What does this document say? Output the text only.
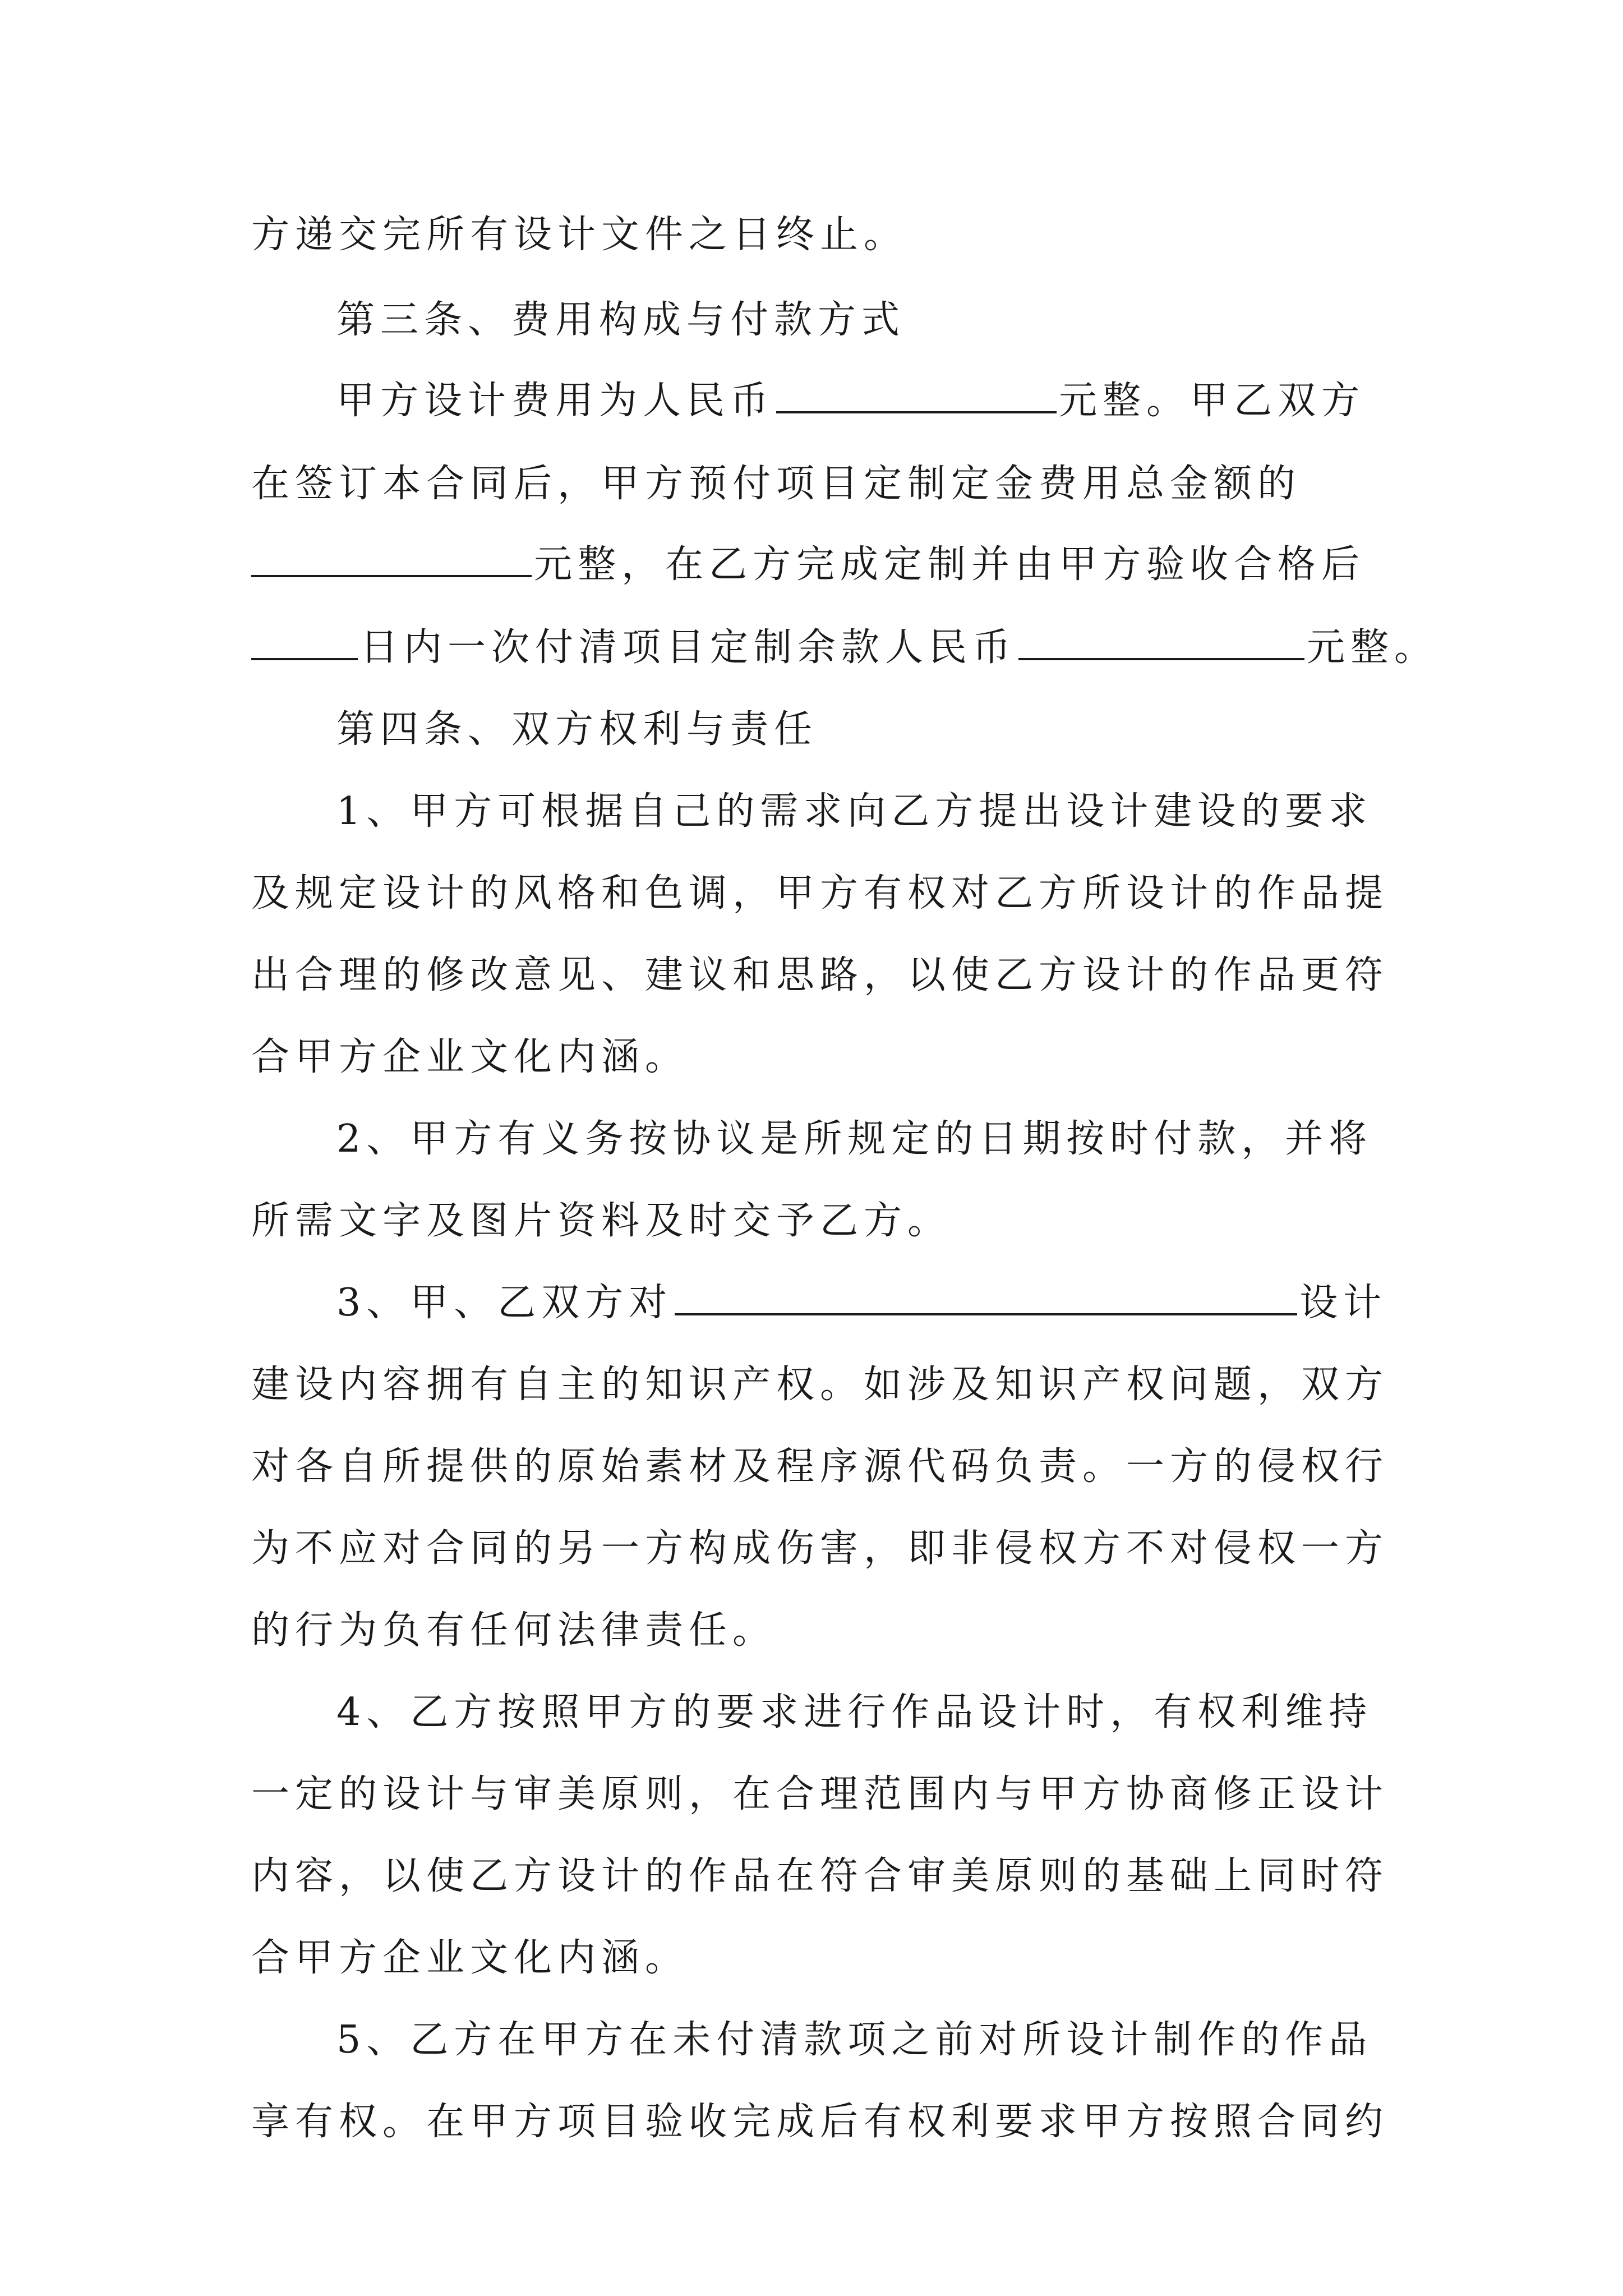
方递交完所有设计文件之日终止。
第三条、费用构成与付款方式
甲方设计费用为人民币	元整。甲乙双方
在签订本合同后，甲方预付项目定制定金费用总金额的
元整，在乙方完成定制并由甲方验收合格后
日内一次付清项目定制余款人民币	元整。
第四条、双方权利与责任
1、甲方可根据自己的需求向乙方提出设计建设的要求
及规定设计的风格和色调，甲方有权对乙方所设计的作品提
出合理的修改意见、建议和思路，以使乙方设计的作品更符
合甲方企业文化内涵。
2、甲方有义务按协议是所规定的日期按时付款，并将
所需文字及图片资料及时交予乙方。
3、甲、乙双方对	设计
建设内容拥有自主的知识产权。如涉及知识产权问题，双方
对各自所提供的原始素材及程序源代码负责。一方的侵权行
为不应对合同的另一方构成伤害，即非侵权方不对侵权一方
的行为负有任何法律责任。
4、乙方按照甲方的要求进行作品设计时，有权利维持
一定的设计与审美原则，在合理范围内与甲方协商修正设计
内容，以使乙方设计的作品在符合审美原则的基础上同时符
合甲方企业文化内涵。
5、乙方在甲方在未付清款项之前对所设计制作的作品
享有权。在甲方项目验收完成后有权利要求甲方按照合同约
